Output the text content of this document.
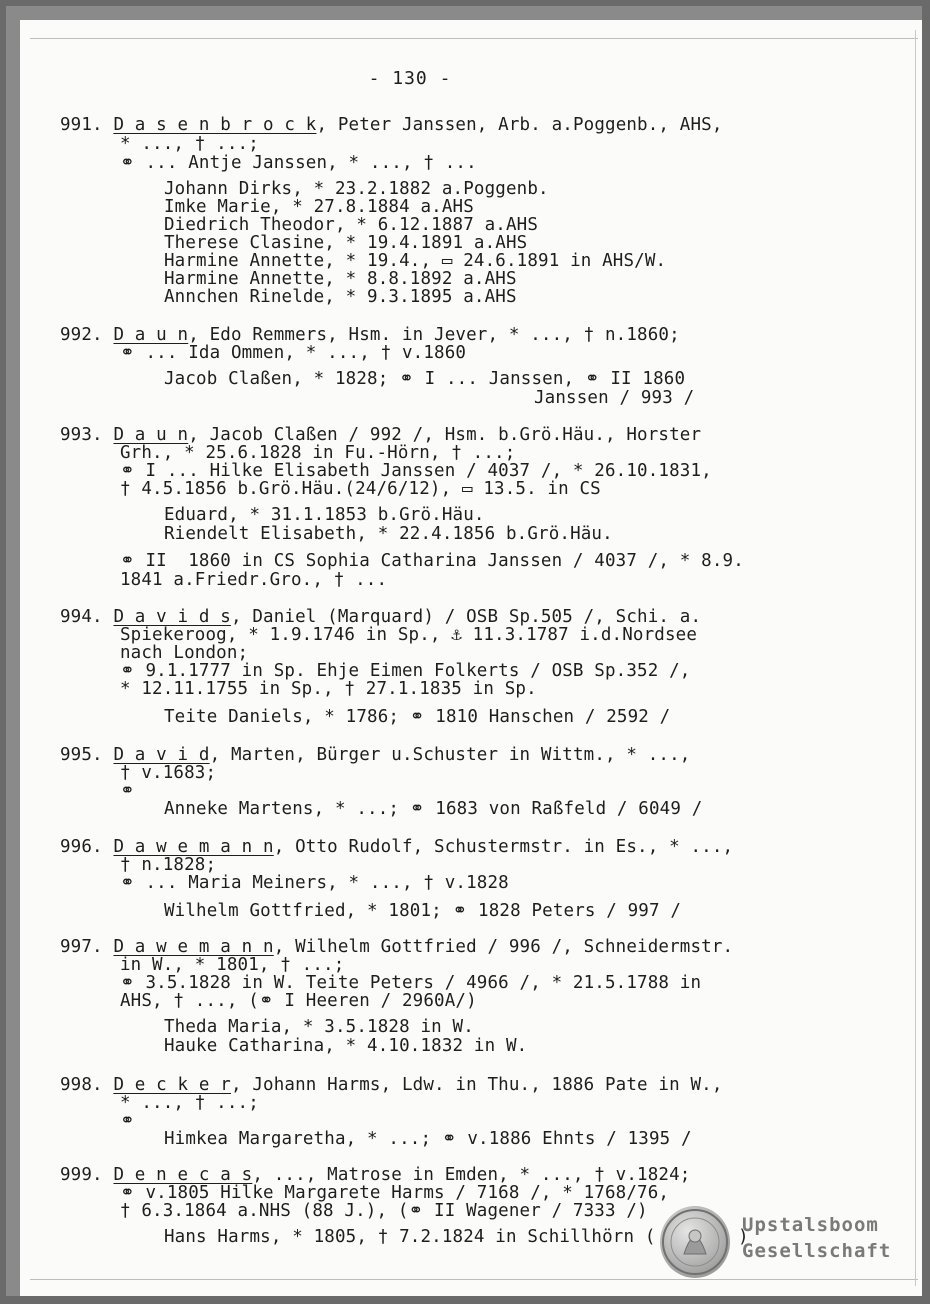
- 130 -
991. D a s e n b r o c k, Peter Janssen, Arb. a.Poggenb., AHS,
* ..., † ...;
⚭ ... Antje Janssen, * ..., † ...
Johann Dirks, * 23.2.1882 a.Poggenb.
Imke Marie, * 27.8.1884 a.AHS
Diedrich Theodor, * 6.12.1887 a.AHS
Therese Clasine, * 19.4.1891 a.AHS
Harmine Annette, * 19.4., ▭ 24.6.1891 in AHS/W.
Harmine Annette, * 8.8.1892 a.AHS
Annchen Rinelde, * 9.3.1895 a.AHS
992. D a u n, Edo Remmers, Hsm. in Jever, * ..., † n.1860;
⚭ ... Ida Ommen, * ..., † v.1860
Jacob Claßen, * 1828; ⚭ I ... Janssen, ⚭ II 1860
Janssen / 993 /
993. D a u n, Jacob Claßen / 992 /, Hsm. b.Grö.Häu., Horster
Grh., * 25.6.1828 in Fu.-Hörn, † ...;
⚭ I ... Hilke Elisabeth Janssen / 4037 /, * 26.10.1831,
† 4.5.1856 b.Grö.Häu.(24/6/12), ▭ 13.5. in CS
Eduard, * 31.1.1853 b.Grö.Häu.
Riendelt Elisabeth, * 22.4.1856 b.Grö.Häu.
⚭ II  1860 in CS Sophia Catharina Janssen / 4037 /, * 8.9.
1841 a.Friedr.Gro., † ...
994. D a v i d s, Daniel (Marquard) / OSB Sp.505 /, Schi. a.
Spiekeroog, * 1.9.1746 in Sp., ⚓ 11.3.1787 i.d.Nordsee
nach London;
⚭ 9.1.1777 in Sp. Ehje Eimen Folkerts / OSB Sp.352 /,
* 12.11.1755 in Sp., † 27.1.1835 in Sp.
Teite Daniels, * 1786; ⚭ 1810 Hanschen / 2592 /
995. D a v i d, Marten, Bürger u.Schuster in Wittm., * ...,
† v.1683;
⚭
Anneke Martens, * ...; ⚭ 1683 von Raßfeld / 6049 /
996. D a w e m a n n, Otto Rudolf, Schustermstr. in Es., * ...,
† n.1828;
⚭ ... Maria Meiners, * ..., † v.1828
Wilhelm Gottfried, * 1801; ⚭ 1828 Peters / 997 /
997. D a w e m a n n, Wilhelm Gottfried / 996 /, Schneidermstr.
in W., * 1801, † ...;
⚭ 3.5.1828 in W. Teite Peters / 4966 /, * 21.5.1788 in
AHS, † ..., (⚭ I Heeren / 2960A/)
Theda Maria, * 3.5.1828 in W.
Hauke Catharina, * 4.10.1832 in W.
998. D e c k e r, Johann Harms, Ldw. in Thu., 1886 Pate in W.,
* ..., † ...;
⚭
Himkea Margaretha, * ...; ⚭ v.1886 Ehnts / 1395 /
999. D e n e c a s, ..., Matrose in Emden, * ..., † v.1824;
⚭ v.1805 Hilke Margarete Harms / 7168 /, * 1768/76,
† 6.3.1864 a.NHS (88 J.), (⚭ II Wagener / 7333 /)
Hans Harms, * 1805, † 7.2.1824 in Schillhörn (	)
Upstalsboom
Gesellschaft
